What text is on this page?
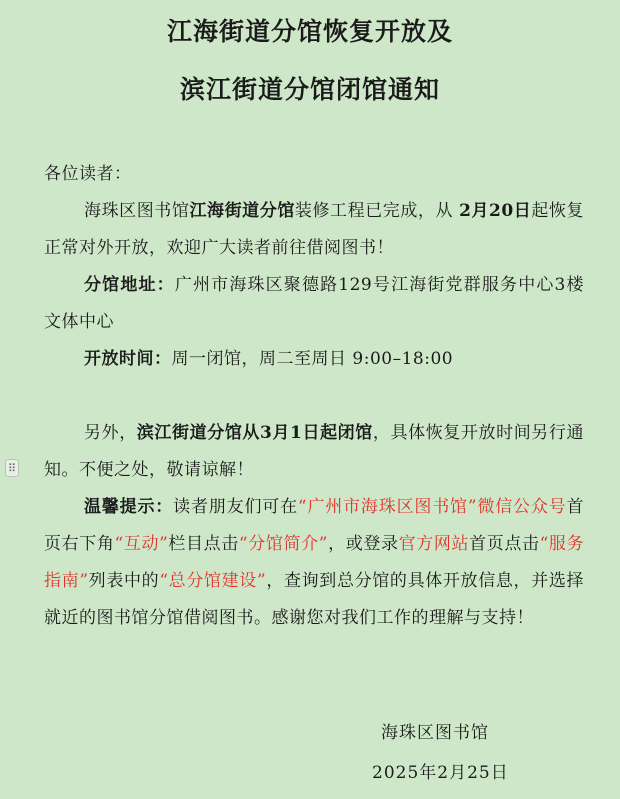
江海街道分馆恢复开放及
滨江街道分馆闭馆通知
各位读者：
海珠区图书馆江海街道分馆装修工程已完成，从 2月20日起恢复正常对外开放，欢迎广大读者前往借阅图书！
分馆地址：广州市海珠区聚德路129号江海街党群服务中心3楼文体中心
开放时间：周一闭馆，周二至周日 9:00–18:00
另外，滨江街道分馆从3月1日起闭馆，具体恢复开放时间另行通知。不便之处，敬请谅解！
温馨提示：读者朋友们可在“广州市海珠区图书馆”微信公众号首页右下角“互动”栏目点击“分馆简介”，或登录官方网站首页点击“服务指南”列表中的“总分馆建设”，查询到总分馆的具体开放信息，并选择就近的图书馆分馆借阅图书。感谢您对我们工作的理解与支持！
海珠区图书馆
2025年2月25日
⠿
